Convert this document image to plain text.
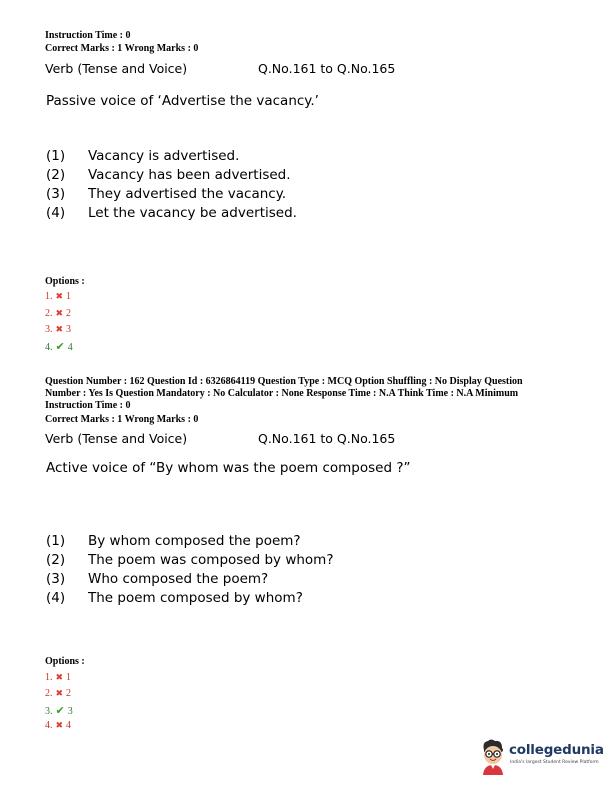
Instruction Time : 0
Correct Marks : 1 Wrong Marks : 0
Verb (Tense and Voice)	Q.No.161 to Q.No.165
Passive voice of ‘Advertise the vacancy.’
(1) Vacancy is advertised.
(2) Vacancy has been advertised.
(3) They advertised the vacancy.
(4) Let the vacancy be advertised.
Options :
1. ✖ 1
2. ✖ 2
3. ✖ 3
4. ✔ 4
Question Number : 162 Question Id : 6326864119 Question Type : MCQ Option Shuffling : No Display Question
Number : Yes Is Question Mandatory : No Calculator : None Response Time : N.A Think Time : N.A Minimum
Instruction Time : 0
Correct Marks : 1 Wrong Marks : 0
Verb (Tense and Voice)	Q.No.161 to Q.No.165
Active voice of “By whom was the poem composed ?”
(1) By whom composed the poem?
(2) The poem was composed by whom?
(3) Who composed the poem?
(4) The poem composed by whom?
Options :
1. ✖ 1
2. ✖ 2
3. ✔ 3
4. ✖ 4
collegedunia
India's largest Student Review Platform
